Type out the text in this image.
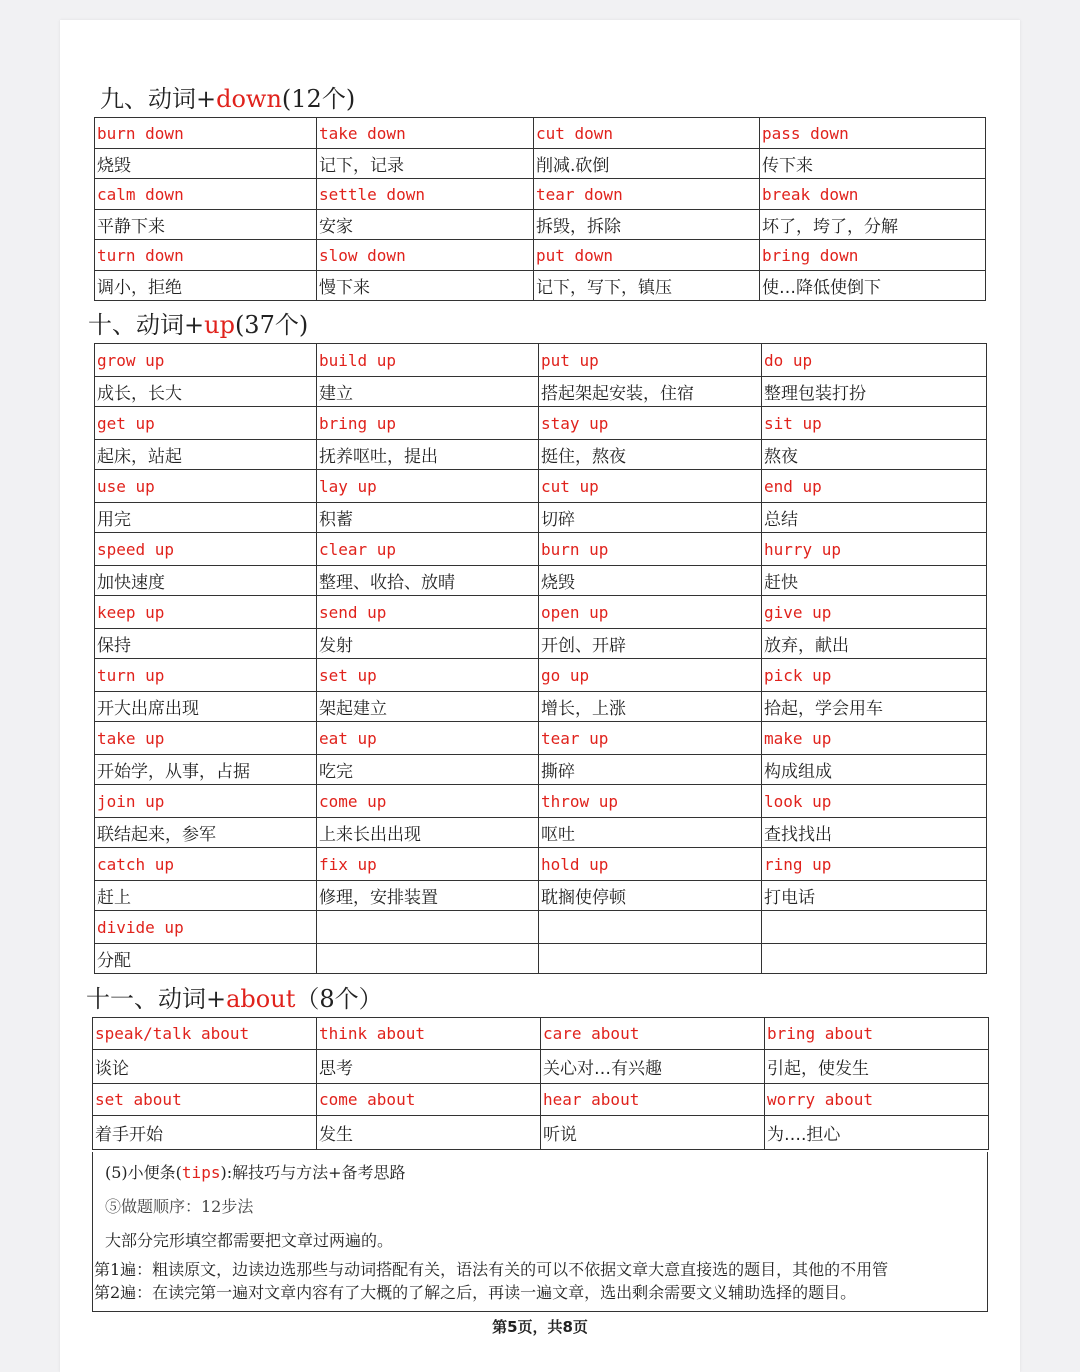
九、动词+down(12个)
burn down	take down	cut down	pass down
烧毁	记下，记录	削减.砍倒	传下来
calm down	settle down	tear down	break down
平静下来	安家	拆毁，拆除	坏了，垮了，分解
turn down	slow down	put down	bring down
调小，拒绝	慢下来	记下，写下，镇压	使…降低使倒下
十、动词+up(37个)
grow up	build up	put up	do up
成长，长大	建立	搭起架起安装，住宿	整理包装打扮
get up	bring up	stay up	sit up
起床，站起	抚养呕吐，提出	挺住，熬夜	熬夜
use up	lay up	cut up	end up
用完	积蓄	切碎	总结
speed up	clear up	burn up	hurry up
加快速度	整理、收拾、放晴	烧毁	赶快
keep up	send up	open up	give up
保持	发射	开创、开辟	放弃，献出
turn up	set up	go up	pick up
开大出席出现	架起建立	增长，上涨	拾起，学会用车
take up	eat up	tear up	make up
开始学，从事，占据	吃完	撕碎	构成组成
join up	come up	throw up	look up
联结起来，参军	上来长出出现	呕吐	查找找出
catch up	fix up	hold up	ring up
赶上	修理，安排装置	耽搁使停顿	打电话
divide up			
分配			
十一、动词+about（8个）
speak/talk about	think about	care about	bring about
谈论	思考	关心对…有兴趣	引起，使发生
set about	come about	hear about	worry about
着手开始	发生	听说	为….担心
(5)小便条(tips):解技巧与方法+备考思路
⑤做题顺序：12步法
大部分完形填空都需要把文章过两遍的。
第1遍：粗读原文，边读边选那些与动词搭配有关，语法有关的可以不依据文章大意直接选的题目，其他的不用管
第2遍：在读完第一遍对文章内容有了大概的了解之后，再读一遍文章，选出剩余需要文义辅助选择的题目。
第5页，共8页
